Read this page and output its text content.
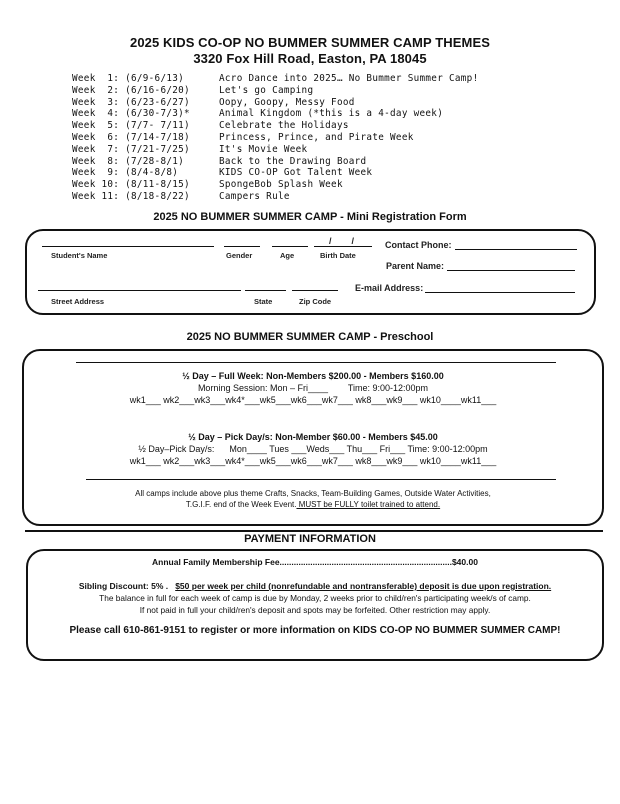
2025 KIDS CO-OP NO BUMMER SUMMER CAMP THEMES
3320 Fox Hill Road, Easton, PA 18045
Week  1: (6/9-6/13)	Acro Dance into 2025… No Bummer Summer Camp!
Week  2: (6/16-6/20)	Let's go Camping
Week  3: (6/23-6/27)	Oopy, Goopy, Messy Food
Week  4: (6/30-7/3)*	Animal Kingdom (*this is a 4-day week)
Week  5: (7/7- 7/11)	Celebrate the Holidays
Week  6: (7/14-7/18)	Princess, Prince, and Pirate Week
Week  7: (7/21-7/25)	It's Movie Week
Week  8: (7/28-8/1)	Back to the Drawing Board
Week  9: (8/4-8/8)	KIDS CO-OP Got Talent Week
Week 10: (8/11-8/15)	SpongeBob Splash Week
Week 11: (8/18-8/22)	Campers Rule
2025 NO BUMMER SUMMER CAMP - Mini Registration Form
Student's Name	Gender	Age
/        /
Birth Date
Contact Phone:
Parent Name:
Street Address	State	Zip Code
E-mail Address:
2025 NO BUMMER SUMMER CAMP - Preschool
½ Day – Full Week: Non-Members $200.00 - Members $160.00
Morning Session: Mon – Fri____        Time: 9:00-12:00pm
wk1___ wk2___wk3___wk4*___wk5___wk6___wk7___ wk8___wk9___ wk10____wk11___
½ Day – Pick Day/s: Non-Member $60.00 - Members $45.00
½ Day–Pick Day/s:      Mon____ Tues ___Weds___ Thu___ Fri___ Time: 9:00-12:00pm
wk1___ wk2___wk3___wk4*___wk5___wk6___wk7___ wk8___wk9___ wk10____wk11___
All camps include above plus theme Crafts, Snacks, Team-Building Games, Outside Water Activities,
T.G.I.F. end of the Week Event. MUST be FULLY toilet trained to attend.
PAYMENT INFORMATION
Annual Family Membership Fee.........................................................................$40.00
Sibling Discount: 5% . $50 per week per child (nonrefundable and nontransferable) deposit is due upon registration.
The balance in full for each week of camp is due by Monday, 2 weeks prior to child/ren's participating week/s of camp.
If not paid in full your child/ren's deposit and spots may be forfeited. Other restriction may apply.
Please call 610-861-9151 to register or more information on KIDS CO-OP NO BUMMER SUMMER CAMP!
